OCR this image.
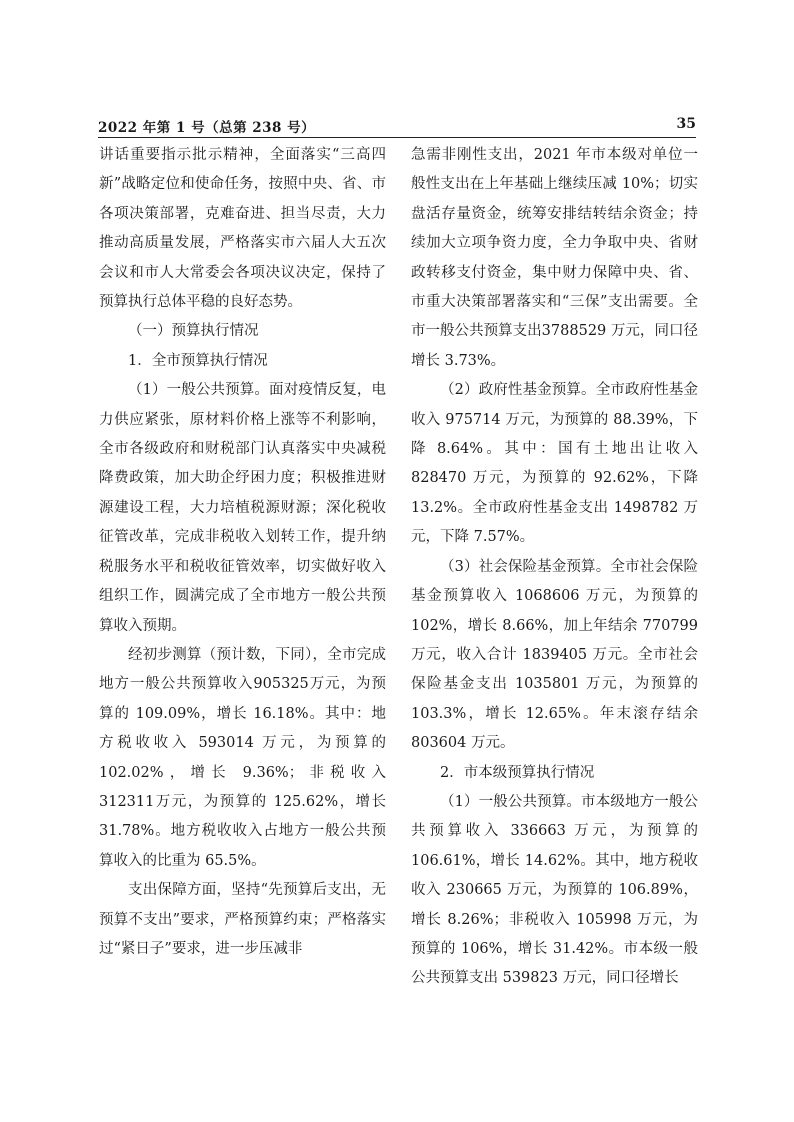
2022 年第 1 号（总第 238 号）	35

讲话重要指示批示精神，全面落实“三高四新”战略定位和使命任务，按照中央、省、市各项决策部署，克难奋进、担当尽责，大力推动高质量发展，严格落实市六届人大五次会议和市人大常委会各项决议决定，保持了预算执行总体平稳的良好态势。

（一）预算执行情况

1．全市预算执行情况

（1）一般公共预算。面对疫情反复，电力供应紧张，原材料价格上涨等不利影响，全市各级政府和财税部门认真落实中央减税降费政策，加大助企纾困力度；积极推进财源建设工程，大力培植税源财源；深化税收征管改革，完成非税收入划转工作，提升纳税服务水平和税收征管效率，切实做好收入组织工作，圆满完成了全市地方一般公共预算收入预期。

经初步测算（预计数，下同），全市完成地方一般公共预算收入905325万元，为预算的 109.09%，增长 16.18%。其中：地方税收收入 593014 万元，为预算的102.02%，增长 9.36%；非税收入 312311万元，为预算的 125.62%，增长 31.78%。地方税收收入占地方一般公共预算收入的比重为 65.5%。

支出保障方面，坚持“先预算后支出，无预算不支出”要求，严格预算约束；严格落实过“紧日子”要求，进一步压减非

急需非刚性支出，2021 年市本级对单位一般性支出在上年基础上继续压减 10%；切实盘活存量资金，统筹安排结转结余资金；持续加大立项争资力度，全力争取中央、省财政转移支付资金，集中财力保障中央、省、市重大决策部署落实和“三保”支出需要。全市一般公共预算支出3788529 万元，同口径增长 3.73%。

（2）政府性基金预算。全市政府性基金收入 975714 万元，为预算的 88.39%，下降 8.64%。其中：国有土地出让收入828470 万元，为预算的 92.62%，下降13.2%。全市政府性基金支出 1498782 万元，下降 7.57%。

（3）社会保险基金预算。全市社会保险基金预算收入 1068606 万元，为预算的102%，增长 8.66%，加上年结余 770799万元，收入合计 1839405 万元。全市社会保险基金支出 1035801 万元，为预算的103.3%，增长 12.65%。年末滚存结余803604 万元。

2．市本级预算执行情况

（1）一般公共预算。市本级地方一般公共预算收入 336663 万元，为预算的106.61%，增长 14.62%。其中，地方税收收入 230665 万元，为预算的 106.89%，增长 8.26%；非税收入 105998 万元，为预算的 106%，增长 31.42%。市本级一般公共预算支出 539823 万元，同口径增长
